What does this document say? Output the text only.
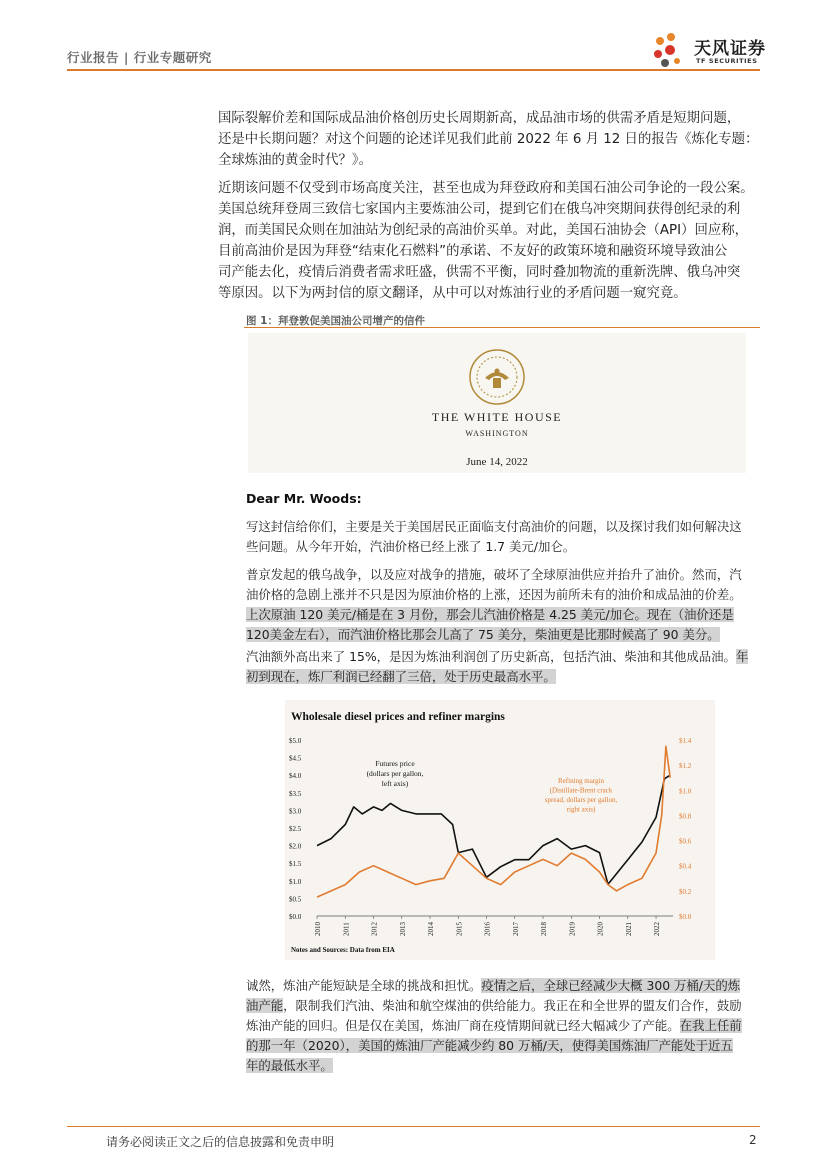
行业报告 | 行业专题研究	天风证券
TF SECURITIES
国际裂解价差和国际成品油价格创历史长周期新高，成品油市场的供需矛盾是短期问题，
还是中长期问题？对这个问题的论述详见我们此前 2022 年 6 月 12 日的报告《炼化专题：
全球炼油的黄金时代？》。
近期该问题不仅受到市场高度关注，甚至也成为拜登政府和美国石油公司争论的一段公案。
美国总统拜登周三致信七家国内主要炼油公司，提到它们在俄乌冲突期间获得创纪录的利
润，而美国民众则在加油站为创纪录的高油价买单。对此，美国石油协会（API）回应称，
目前高油价是因为拜登“结束化石燃料”的承诺、不友好的政策环境和融资环境导致油公
司产能去化，疫情后消费者需求旺盛，供需不平衡，同时叠加物流的重新洗牌、俄乌冲突
等原因。以下为两封信的原文翻译，从中可以对炼油行业的矛盾问题一窥究竟。
图 1：拜登敦促美国油公司增产的信件
THE WHITE HOUSE
WASHINGTON
June 14, 2022
Dear Mr. Woods:
写这封信给你们，主要是关于美国居民正面临支付高油价的问题，以及探讨我们如何解决这
些问题。从今年开始，汽油价格已经上涨了 1.7 美元/加仑。
普京发起的俄乌战争，以及应对战争的措施，破坏了全球原油供应并抬升了油价。然而，汽
油价格的急剧上涨并不只是因为原油价格的上涨，还因为前所未有的油价和成品油的价差。
上次原油 120 美元/桶是在 3 月份，那会儿汽油价格是 4.25 美元/加仑。现在（油价还是
120美金左右），而汽油价格比那会儿高了 75 美分，柴油更是比那时候高了 90 美分。
汽油额外高出来了 15%，是因为炼油利润创了历史新高，包括汽油、柴油和其他成品油。年
初到现在，炼厂利润已经翻了三倍，处于历史最高水平。
Wholesale diesel prices and refiner margins
$5.0
$4.5
$4.0
$3.5
$3.0
$2.5
$2.0
$1.5
$1.0
$0.5
$0.0
$1.4
$1.2
$1.0
$0.8
$0.6
$0.4
$0.2
$0.0
2010	2011	2012	2013	2014	2015	2016	2017	2018	2019	2020	2021	2022
Futures price
(dollars per gallon,
left axis)	Refining margin
(Distillate-Brent crack
spread, dollars per gallon,
right axis)
Notes and Sources: Data from EIA
诚然，炼油产能短缺是全球的挑战和担忧。疫情之后，全球已经减少大概 300 万桶/天的炼
油产能，限制我们汽油、柴油和航空煤油的供给能力。我正在和全世界的盟友们合作，鼓励
炼油产能的回归。但是仅在美国，炼油厂商在疫情期间就已经大幅减少了产能。在我上任前
的那一年（2020），美国的炼油厂产能减少约 80 万桶/天，使得美国炼油厂产能处于近五
年的最低水平。
请务必阅读正文之后的信息披露和免责申明	2
